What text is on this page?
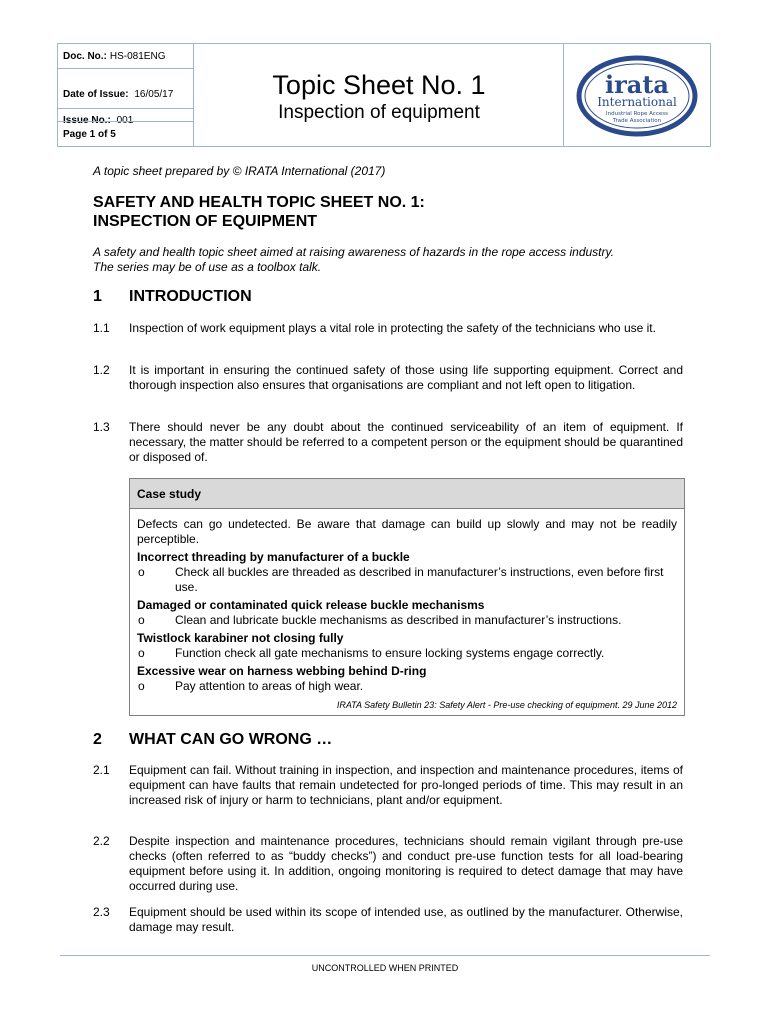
Doc. No.: HS-081ENG
Date of Issue: 16/05/17
Issue No.: 001
Page 1 of 5
Topic Sheet No. 1
Inspection of equipment
irata
International
Industrial Rope Access
Trade Association
A topic sheet prepared by © IRATA International (2017)
SAFETY AND HEALTH TOPIC SHEET NO. 1:
INSPECTION OF EQUIPMENT
A safety and health topic sheet aimed at raising awareness of hazards in the rope access industry.
The series may be of use as a toolbox talk.
1 INTRODUCTION
1.1 Inspection of work equipment plays a vital role in protecting the safety of the technicians who use it.
1.2 It is important in ensuring the continued safety of those using life supporting equipment. Correct and thorough inspection also ensures that organisations are compliant and not left open to litigation.
1.3 There should never be any doubt about the continued serviceability of an item of equipment. If necessary, the matter should be referred to a competent person or the equipment should be quarantined or disposed of.
Case study
Defects can go undetected. Be aware that damage can build up slowly and may not be readily perceptible.
Incorrect threading by manufacturer of a buckle
o	Check all buckles are threaded as described in manufacturer’s instructions, even before first use.
Damaged or contaminated quick release buckle mechanisms
o	Clean and lubricate buckle mechanisms as described in manufacturer’s instructions.
Twistlock karabiner not closing fully
o	Function check all gate mechanisms to ensure locking systems engage correctly.
Excessive wear on harness webbing behind D-ring
o	Pay attention to areas of high wear.
IRATA Safety Bulletin 23: Safety Alert - Pre-use checking of equipment. 29 June 2012
2 WHAT CAN GO WRONG …
2.1 Equipment can fail. Without training in inspection, and inspection and maintenance procedures, items of equipment can have faults that remain undetected for pro-longed periods of time. This may result in an increased risk of injury or harm to technicians, plant and/or equipment.
2.2 Despite inspection and maintenance procedures, technicians should remain vigilant through pre-use checks (often referred to as “buddy checks”) and conduct pre-use function tests for all load-bearing equipment before using it. In addition, ongoing monitoring is required to detect damage that may have occurred during use.
2.3 Equipment should be used within its scope of intended use, as outlined by the manufacturer. Otherwise, damage may result.
UNCONTROLLED WHEN PRINTED
